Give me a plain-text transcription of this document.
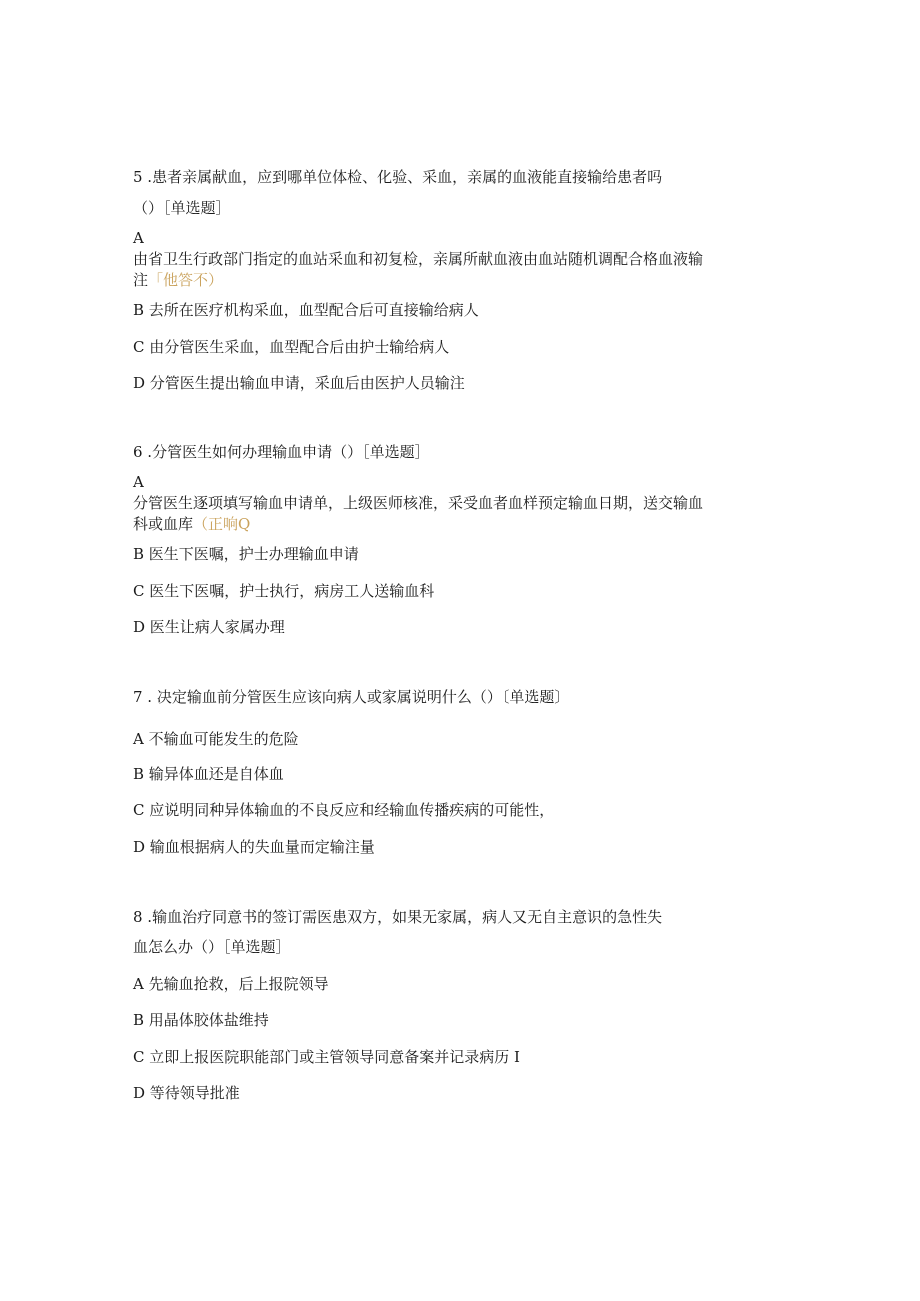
5 .患者亲属献血，应到哪单位体检、化验、采血，亲属的血液能直接输给患者吗
（）［单选题］
A
由省卫生行政部门指定的血站采血和初复检，亲属所献血液由血站随机调配合格血液输
注「他答不）
B 去所在医疗机构采血，血型配合后可直接输给病人
C 由分管医生采血，血型配合后由护士输给病人
D 分管医生提出输血申请，采血后由医护人员输注
6 .分管医生如何办理输血申请（）［单选题］
A
分管医生逐项填写输血申请单，上级医师核准，采受血者血样预定输血日期，送交输血
科或血库（正响Q
B 医生下医嘱，护士办理输血申请
C 医生下医嘱，护士执行，病房工人送输血科
D 医生让病人家属办理
7 . 决定输血前分管医生应该向病人或家属说明什么（）〔单选题〕
A 不输血可能发生的危险
B 输异体血还是自体血
C 应说明同种异体输血的不良反应和经输血传播疾病的可能性，
D 输血根据病人的失血量而定输注量
8 .输血治疗同意书的签订需医患双方，如果无家属，病人又无自主意识的急性失
血怎么办（）［单选题］
A 先输血抢救，后上报院领导
B 用晶体胶体盐维持
C 立即上报医院职能部门或主管领导同意备案并记录病历 I
D 等待领导批准
